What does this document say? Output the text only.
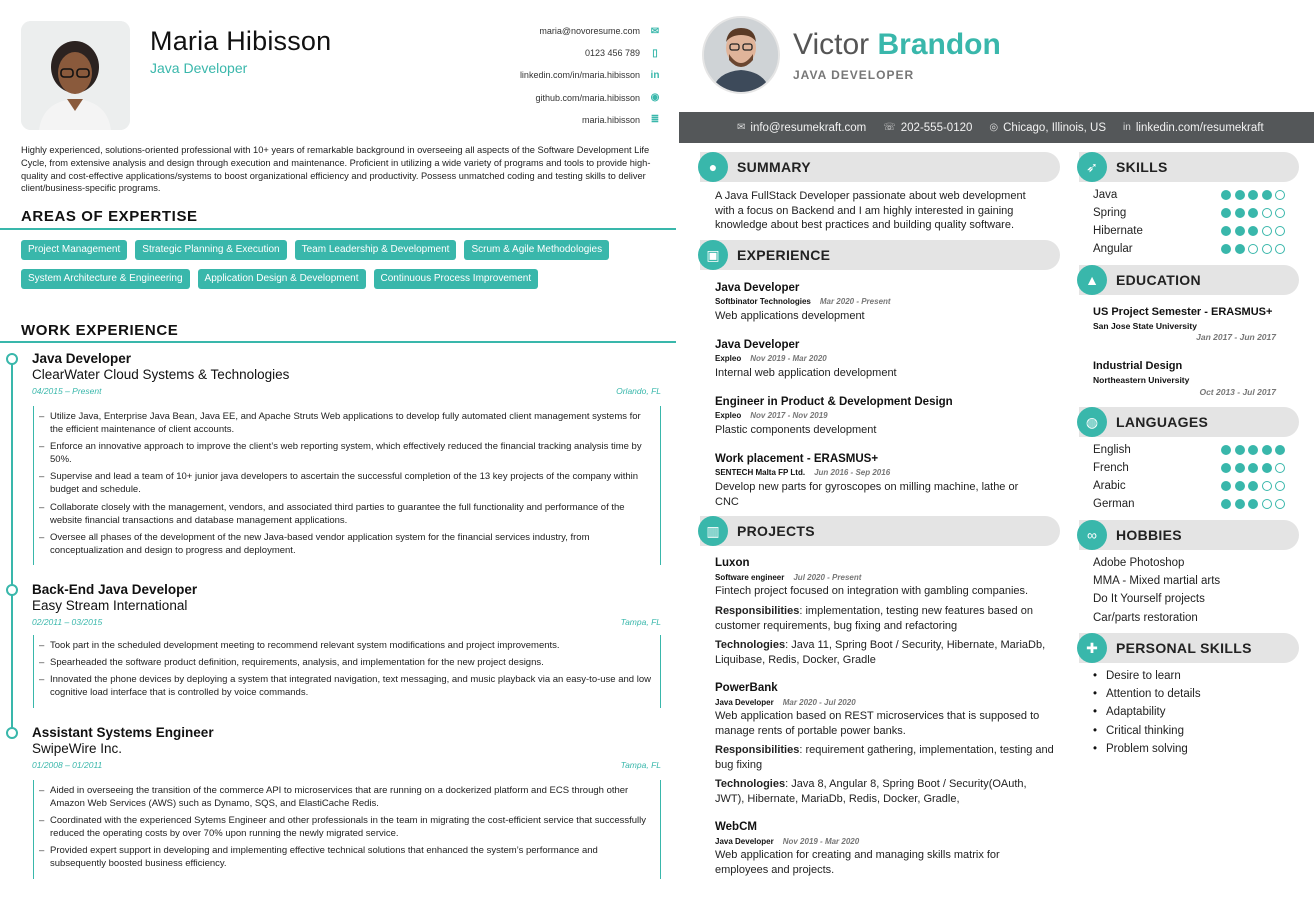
Maria Hibisson
Java Developer
maria@novoresume.com ✉
0123 456 789	▯
linkedin.com/in/maria.hibisson in
github.com/maria.hibisson ◉
maria.hibisson ≣
Highly experienced, solutions-oriented professional with 10+ years of remarkable background in overseeing all aspects of the Software Development Life Cycle, from extensive analysis and design through execution and maintenance. Proficient in utilizing a wide variety of programs and tools to provide high-quality and cost-effective applications/systems to boost organizational efficiency and productivity. Possess unmatched coding and testing skills to deliver client/business-specific programs.
AREAS OF EXPERTISE
Project Management	Strategic Planning & Execution	Team Leadership & Development	Scrum & Agile Methodologies
System Architecture & Engineering	Application Design & Development	Continuous Process Improvement
WORK EXPERIENCE
Java Developer
ClearWater Cloud Systems & Technologies
04/2015 – Present	Orlando, FL
– Utilize Java, Enterprise Java Bean, Java EE, and Apache Struts Web applications to develop fully automated client management systems for the efficient maintenance of client accounts.
– Enforce an innovative approach to improve the client’s web reporting system, which effectively reduced the financial tracking analysis time by 50%.
– Supervise and lead a team of 10+ junior java developers to ascertain the successful completion of the 13 key projects of the company within budget and schedule.
– Collaborate closely with the management, vendors, and associated third parties to guarantee the full functionality and performance of the website financial transactions and database management applications.
– Oversee all phases of the development of the new Java-based vendor application system for the financial services industry, from conceptualization and design to progress and deployment.
Back-End Java Developer
Easy Stream International
02/2011 – 03/2015	Tampa, FL
– Took part in the scheduled development meeting to recommend relevant system modifications and project improvements.
– Spearheaded the software product definition, requirements, analysis, and implementation for the new project designs.
– Innovated the phone devices by deploying a system that integrated navigation, text messaging, and music playback via an easy-to-use and low cognitive load interface that is controlled by voice commands.
Assistant Systems Engineer
SwipeWire Inc.
01/2008 – 01/2011	Tampa, FL
– Aided in overseeing the transition of the commerce API to microservices that are running on a dockerized platform and ECS through other Amazon Web Services (AWS) such as Dynamo, SQS, and ElastiCache Redis.
– Coordinated with the experienced Sytems Engineer and other professionals in the team in migrating the cost-efficient service that successfully reduced the operating costs by over 70% upon running the newly migrated service.
– Provided expert support in developing and implementing effective technical solutions that enhanced the system’s performance and subsequently boosted business efficiency.
Victor Brandon
JAVA DEVELOPER
✉ info@resumekraft.com ☏ 202-555-0120 ◎ Chicago, Illinois, US in linkedin.com/resumekraft
●	SUMMARY
A Java FullStack Developer passionate about web development with a focus on Backend and I am highly interested in gaining knowledge about best practices and building quality software.
▣	EXPERIENCE
Java Developer
Softbinator Technologies Mar 2020 - Present
Web applications development
Java Developer
Expleo Nov 2019 - Mar 2020
Internal web application development
Engineer in Product & Development Design
Expleo Nov 2017 - Nov 2019
Plastic components development
Work placement - ERASMUS+
SENTECH Malta FP Ltd. Jun 2016 - Sep 2016
Develop new parts for gyroscopes on milling machine, lathe or CNC
▥	PROJECTS
Luxon
Software engineer Jul 2020 - Present
Fintech project focused on integration with gambling companies.
Responsibilities: implementation, testing new features based on customer requirements, bug fixing and refactoring
Technologies: Java 11, Spring Boot / Security, Hibernate, MariaDb, Liquibase, Redis, Docker, Gradle
PowerBank
Java Developer Mar 2020 - Jul 2020
Web application based on REST microservices that is supposed to manage rents of portable power banks.
Responsibilities: requirement gathering, implementation, testing and bug fixing
Technologies: Java 8, Angular 8, Spring Boot / Security(OAuth, JWT), Hibernate, MariaDb, Redis, Docker, Gradle,
WebCM
Java Developer Nov 2019 - Mar 2020
Web application for creating and managing skills matrix for employees and projects.
➶	SKILLS
Java
Spring
Hibernate
Angular
▲	EDUCATION
US Project Semester - ERASMUS+
San Jose State University
Jan 2017 - Jun 2017
Industrial Design
Northeastern University
Oct 2013 - Jul 2017
◍	LANGUAGES
English
French
Arabic
German
∞	HOBBIES
Adobe Photoshop
MMA - Mixed martial arts
Do It Yourself projects
Car/parts restoration
✚	PERSONAL SKILLS
• Desire to learn
• Attention to details
• Adaptability
• Critical thinking
• Problem solving
